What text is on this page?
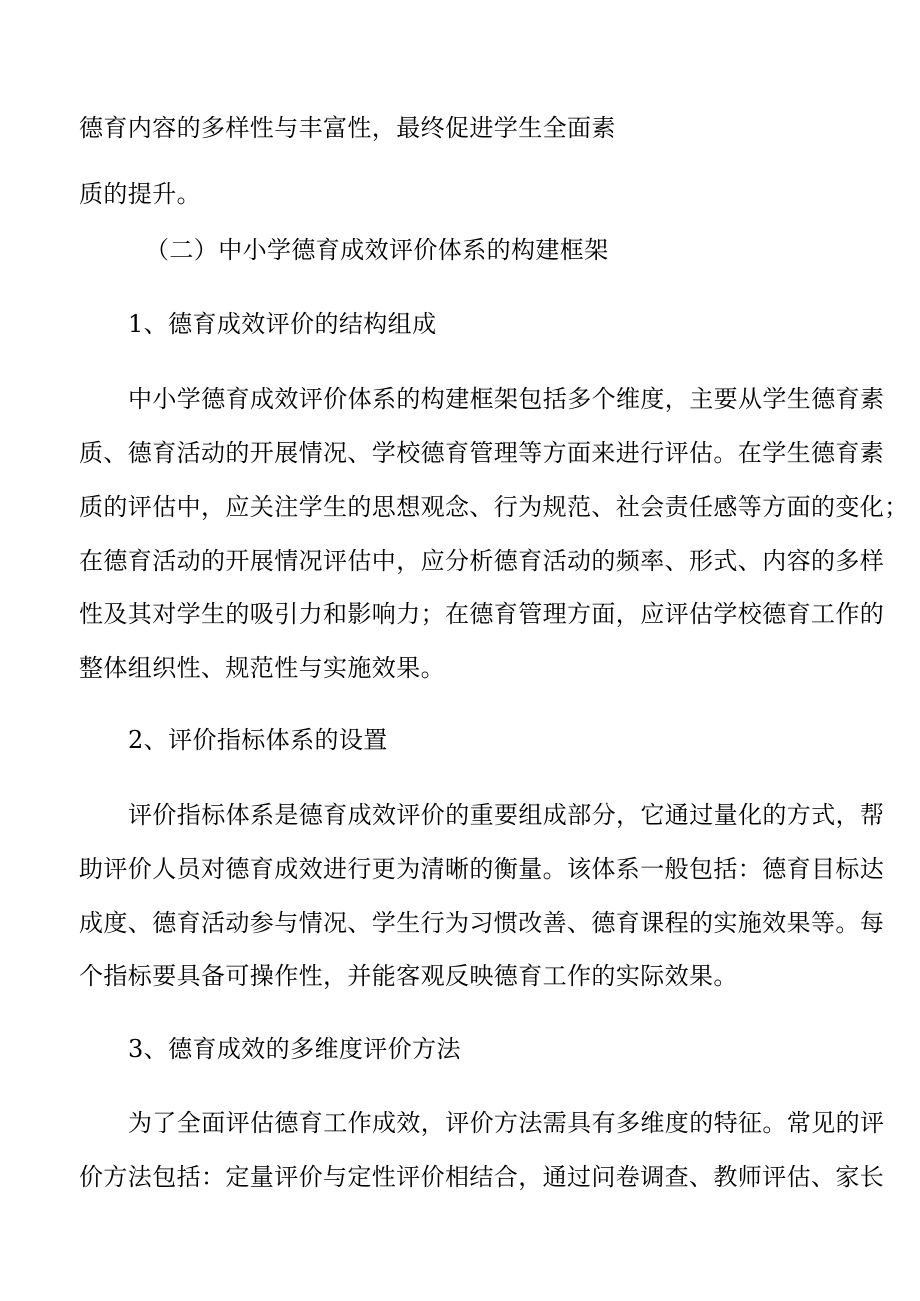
德育内容的多样性与丰富性，最终促进学生全面素
质的提升。
（二）中小学德育成效评价体系的构建框架
1、德育成效评价的结构组成
中小学德育成效评价体系的构建框架包括多个维度，主要从学生德育素
质、德育活动的开展情况、学校德育管理等方面来进行评估。在学生德育素
质的评估中，应关注学生的思想观念、行为规范、社会责任感等方面的变化；
在德育活动的开展情况评估中，应分析德育活动的频率、形式、内容的多样
性及其对学生的吸引力和影响力；在德育管理方面，应评估学校德育工作的
整体组织性、规范性与实施效果。
2、评价指标体系的设置
评价指标体系是德育成效评价的重要组成部分，它通过量化的方式，帮
助评价人员对德育成效进行更为清晰的衡量。该体系一般包括：德育目标达
成度、德育活动参与情况、学生行为习惯改善、德育课程的实施效果等。每
个指标要具备可操作性，并能客观反映德育工作的实际效果。
3、德育成效的多维度评价方法
为了全面评估德育工作成效，评价方法需具有多维度的特征。常见的评
价方法包括：定量评价与定性评价相结合，通过问卷调查、教师评估、家长
